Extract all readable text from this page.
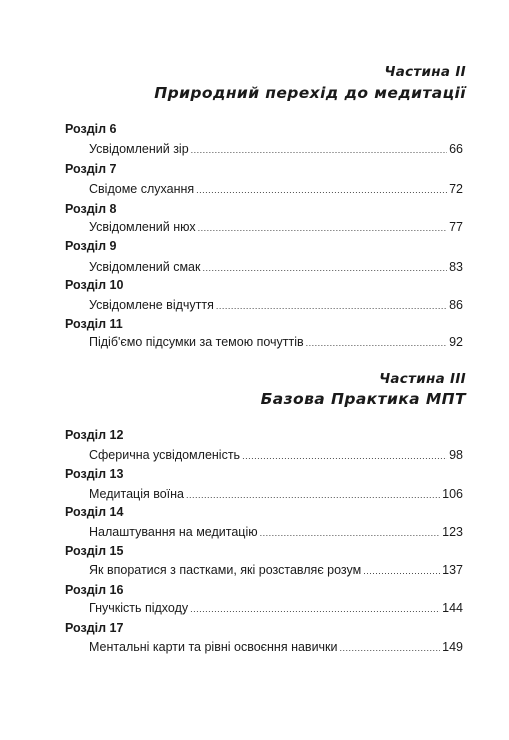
Частина II
Природний перехід до медитації
Розділ 6
Усвідомлений зір .....	66
Розділ 7
Свідоме слухання .....	72
Розділ 8
Усвідомлений нюх .....	77
Розділ 9
Усвідомлений смак .....	83
Розділ 10
Усвідомлене відчуття .....	86
Розділ 11
Підіб'ємо підсумки за темою почуттів .....	92
Частина III
Базова Практика МПТ
Розділ 12
Сферична усвідомленість .....	98
Розділ 13
Медитація воїна .....	106
Розділ 14
Налаштування на медитацію .....	123
Розділ 15
Як впоратися з пастками, які розставляє розум .....	137
Розділ 16
Гнучкість підходу .....	144
Розділ 17
Ментальні карти та рівні освоєння навички .....	149
